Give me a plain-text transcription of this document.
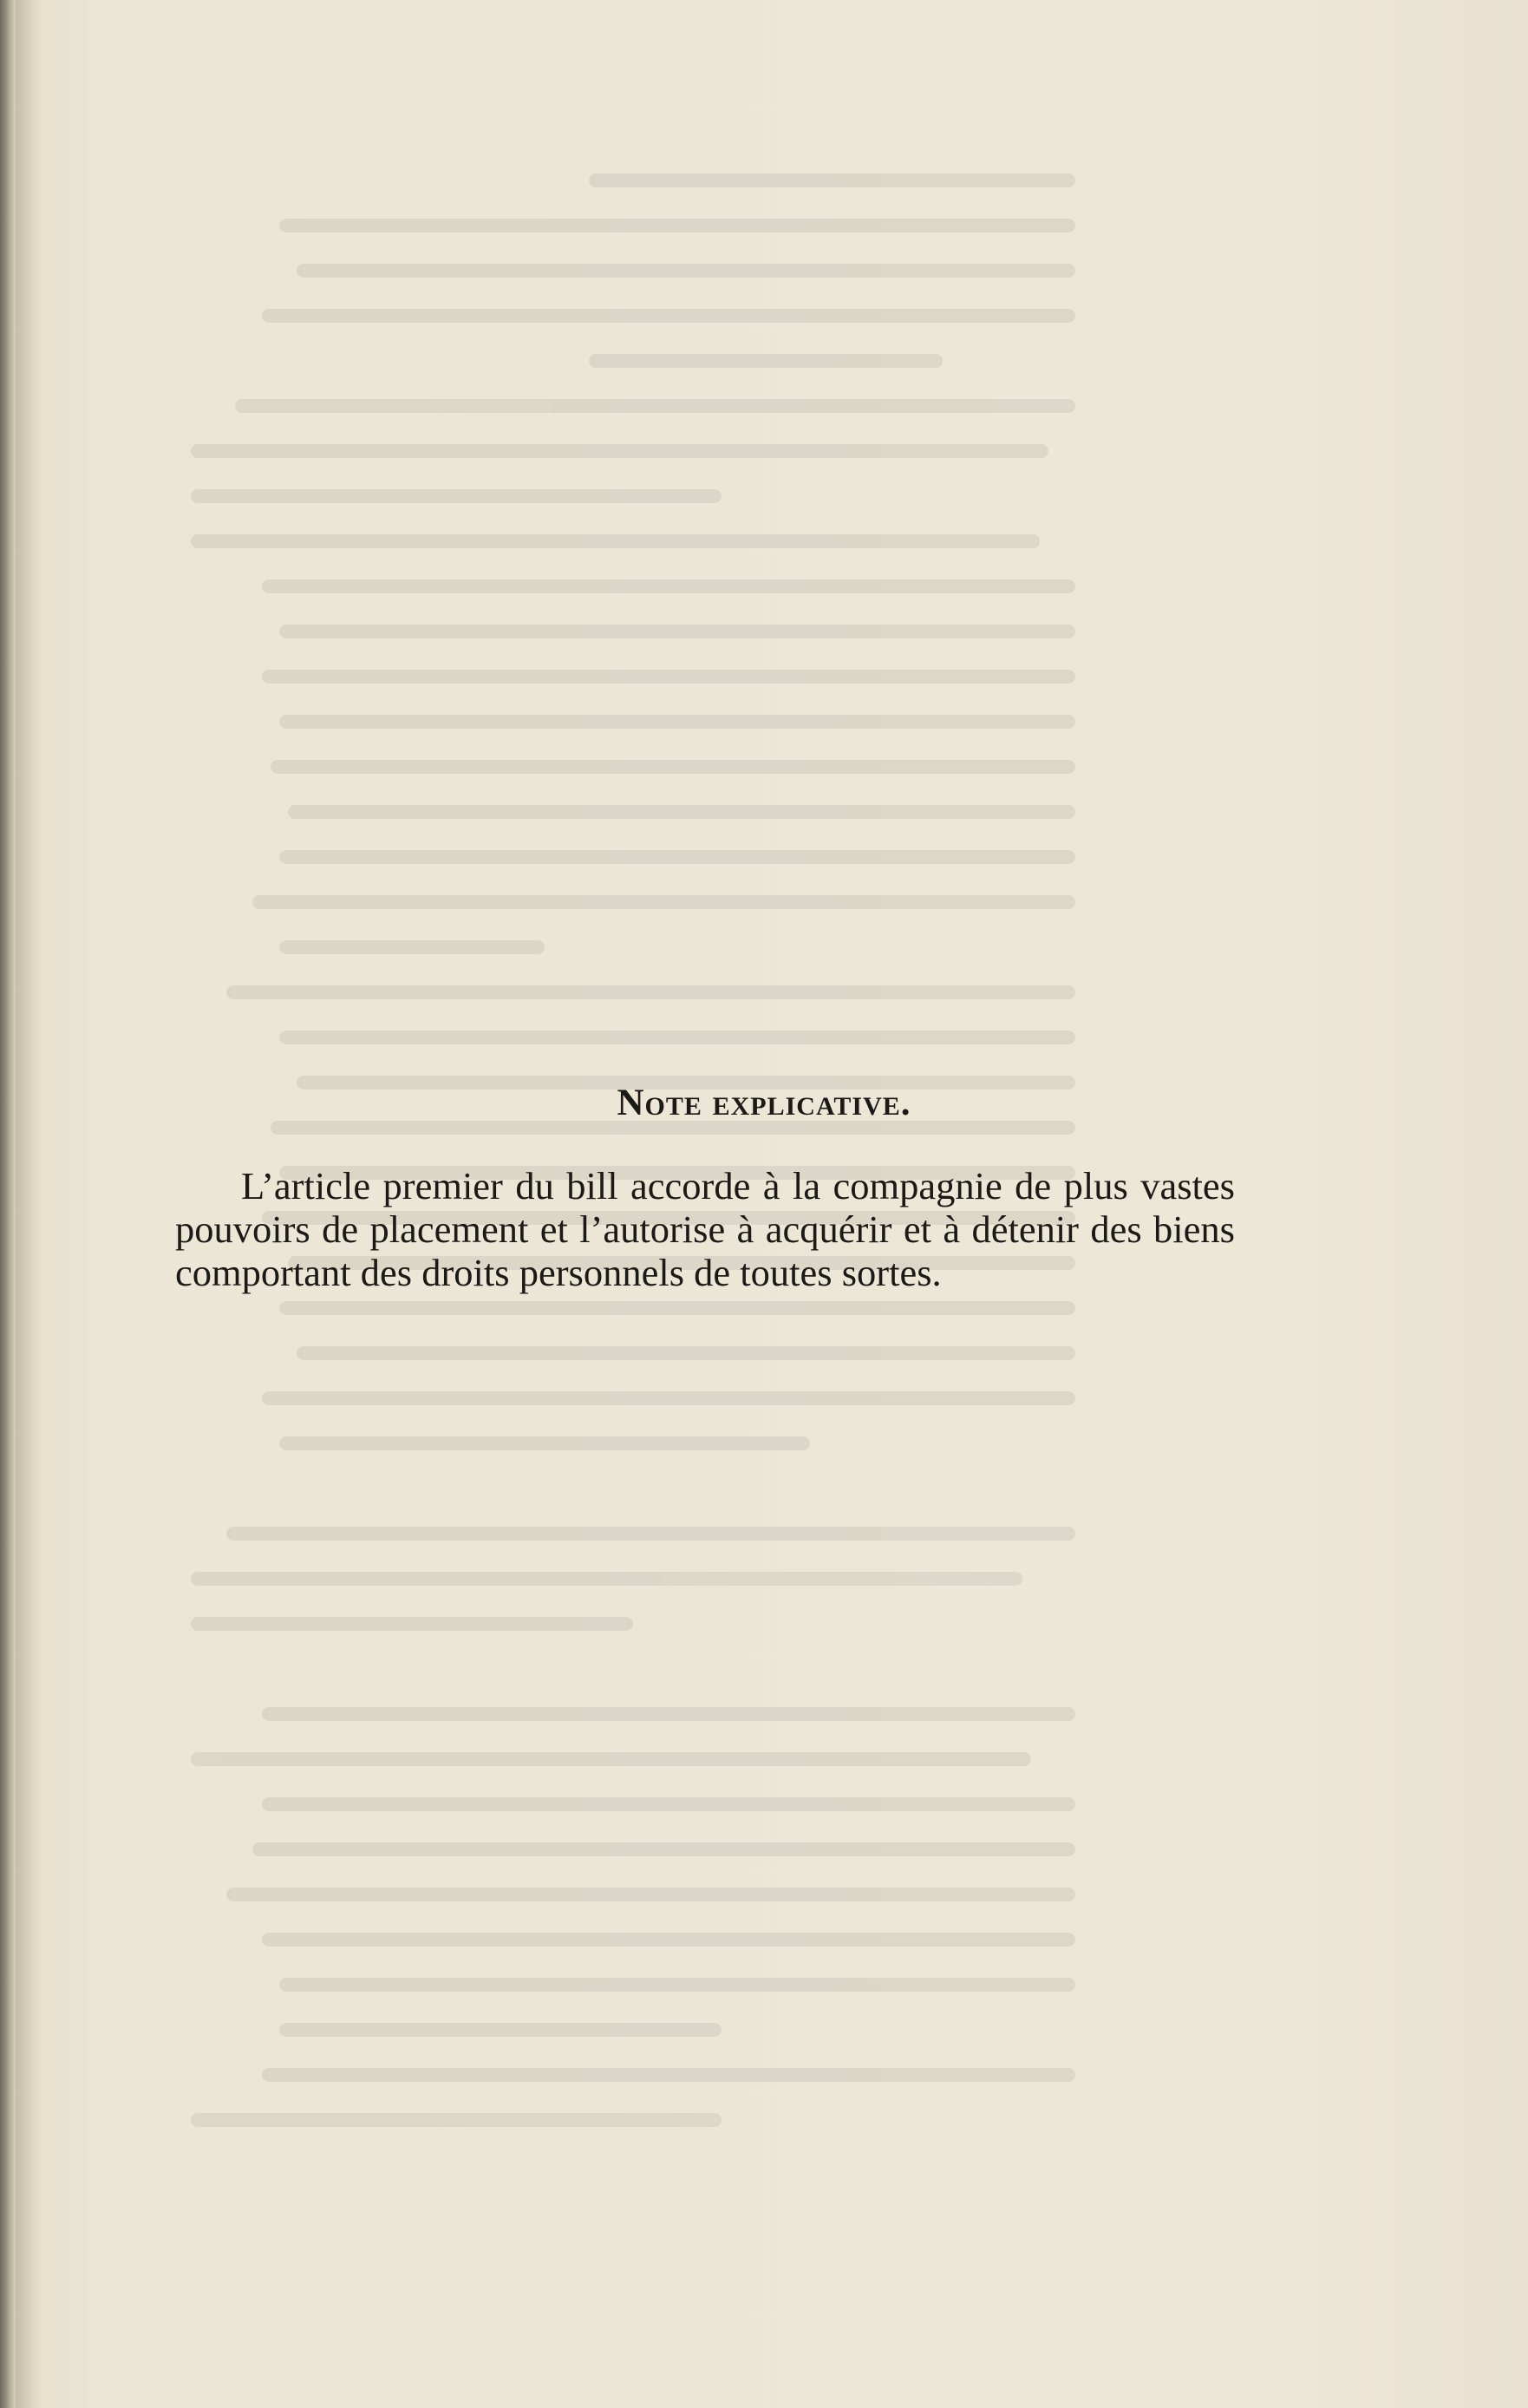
Note explicative.

L’article premier du bill accorde à la compagnie de plus vastes pouvoirs de placement et l’autorise à acquérir et à détenir des biens comportant des droits personnels de toutes sortes.
